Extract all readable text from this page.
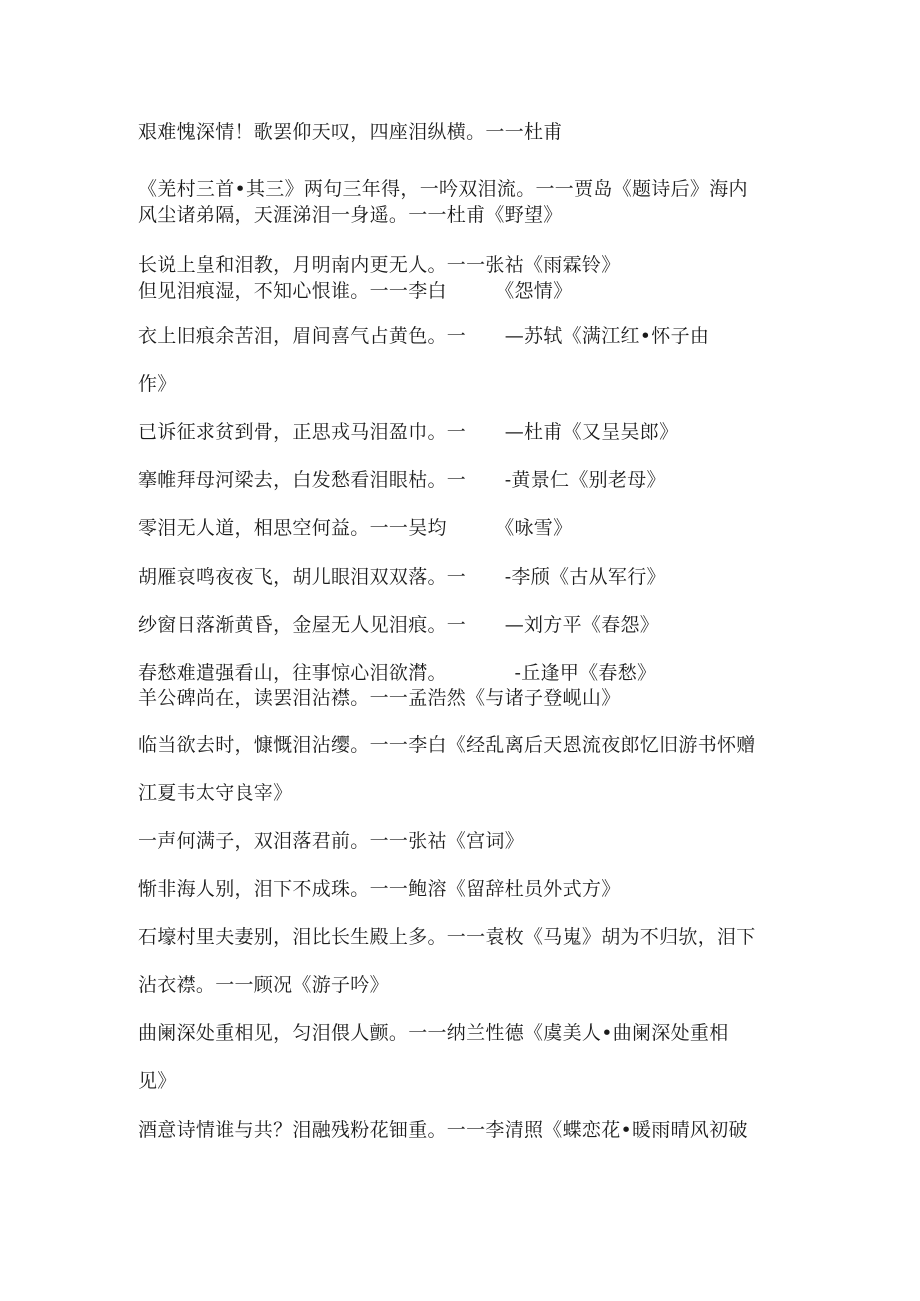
艰难愧深情！歌罢仰天叹，四座泪纵横。一一杜甫
《羌村三首•其三》两句三年得，一吟双泪流。一一贾岛《题诗后》海内
风尘诸弟隔，天涯涕泪一身遥。一一杜甫《野望》
长说上皇和泪教，月明南内更无人。一一张祜《雨霖铃》
但见泪痕湿，不知心恨谁。一一李白　　　《怨情》
衣上旧痕余苦泪，眉间喜气占黄色。一　　—苏轼《满江红•怀子由
作》
已诉征求贫到骨，正思戎马泪盈巾。一　　—杜甫《又呈吴郎》
搴帷拜母河梁去，白发愁看泪眼枯。一　　-黄景仁《别老母》
零泪无人道，相思空何益。一一吴均　　　《咏雪》
胡雁哀鸣夜夜飞，胡儿眼泪双双落。一　　-李颀《古从军行》
纱窗日落渐黄昏，金屋无人见泪痕。一　　—刘方平《春怨》
春愁难遣强看山，往事惊心泪欲潸。　　　　-丘逢甲《春愁》
羊公碑尚在，读罢泪沾襟。一一孟浩然《与诸子登岘山》
临当欲去时，慷慨泪沾缨。一一李白《经乱离后天恩流夜郎忆旧游书怀赠
江夏韦太守良宰》
一声何满子，双泪落君前。一一张祜《宫词》
惭非海人别，泪下不成珠。一一鲍溶《留辞杜员外式方》
石壕村里夫妻别，泪比长生殿上多。一一袁枚《马嵬》胡为不归欤，泪下
沾衣襟。一一顾况《游子吟》
曲阑深处重相见，匀泪偎人颤。一一纳兰性德《虞美人•曲阑深处重相
见》
酒意诗情谁与共？泪融残粉花钿重。一一李清照《蝶恋花•暖雨晴风初破
